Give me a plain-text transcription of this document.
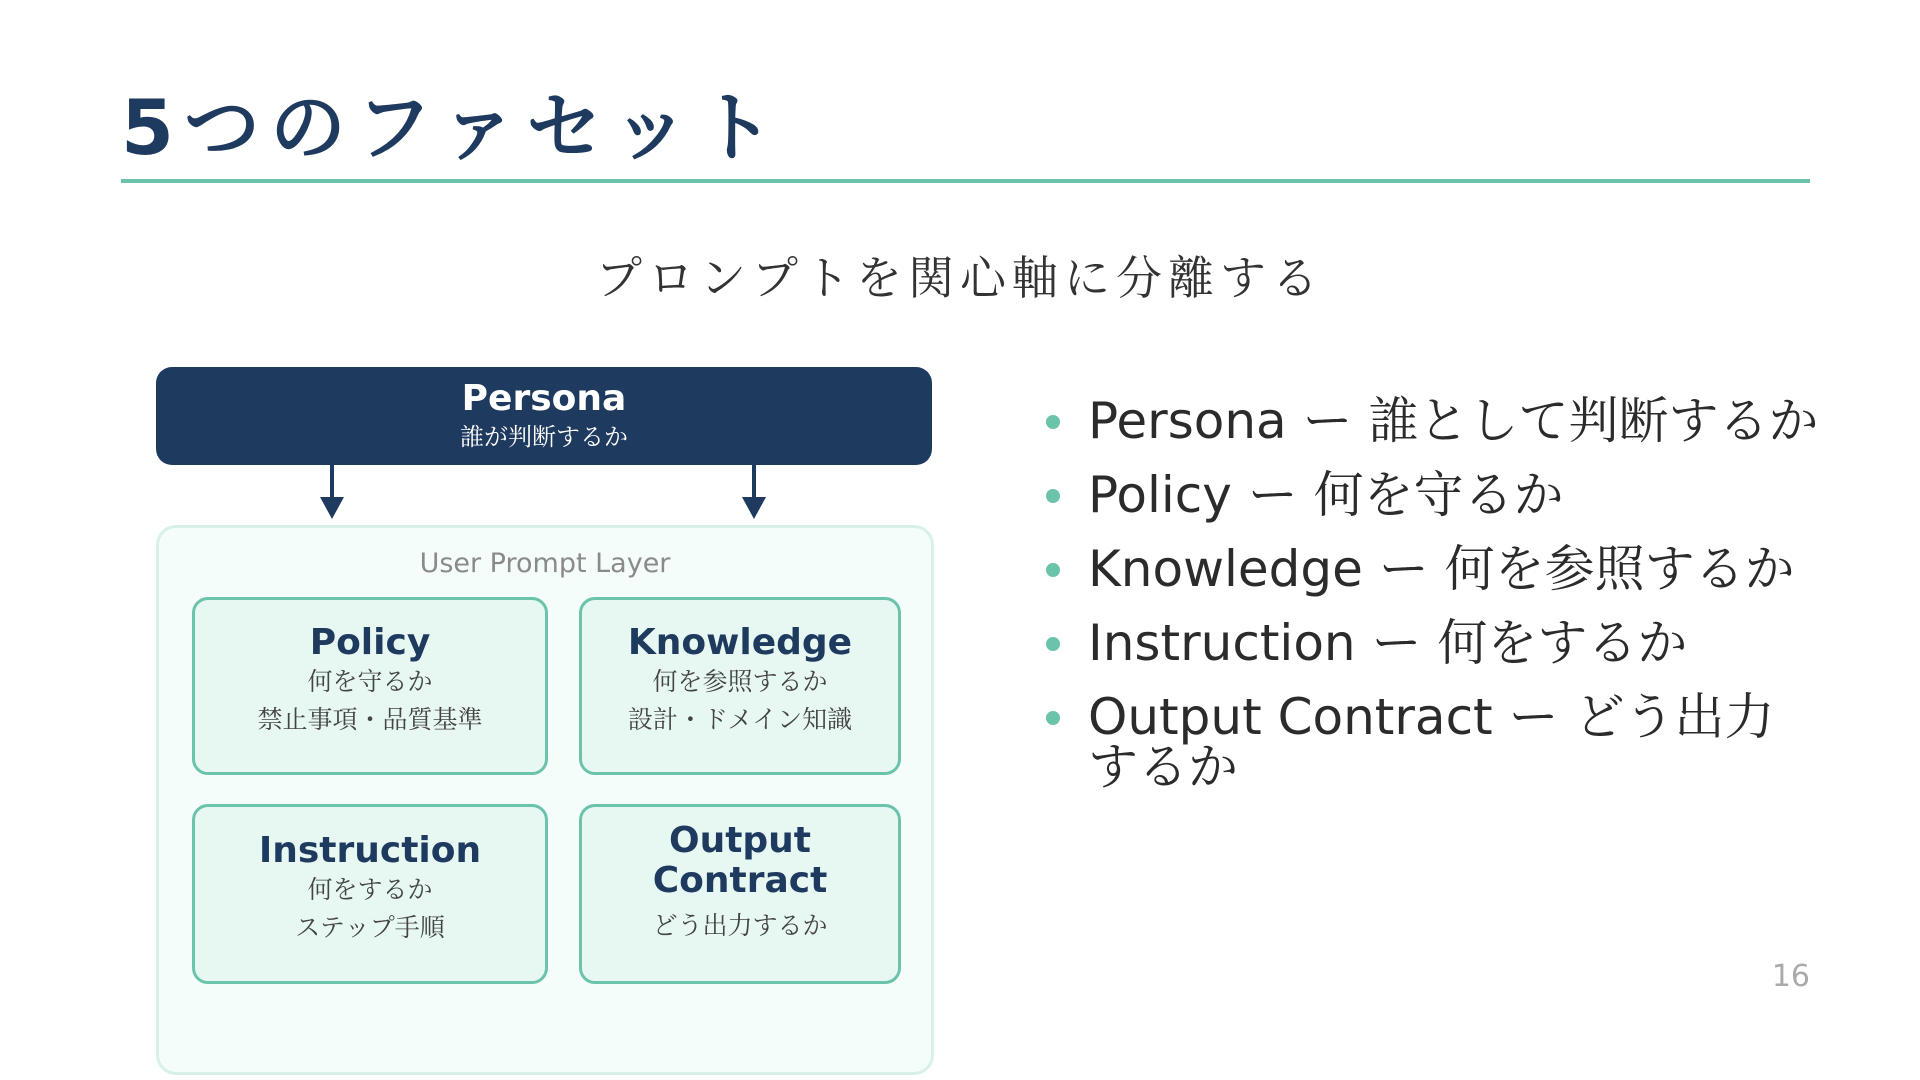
5つのファセット
プロンプトを関心軸に分離する
Persona
誰が判断するか
User Prompt Layer
Policy
何を守るか
禁止事項・品質基準
Knowledge
何を参照するか
設計・ドメイン知識
Instruction
何をするか
ステップ手順
Output Contract
どう出力するか
Persona ー 誰として判断するか
Policy ー 何を守るか
Knowledge ー 何を参照するか
Instruction ー 何をするか
Output Contract ー どう出力するか
16
